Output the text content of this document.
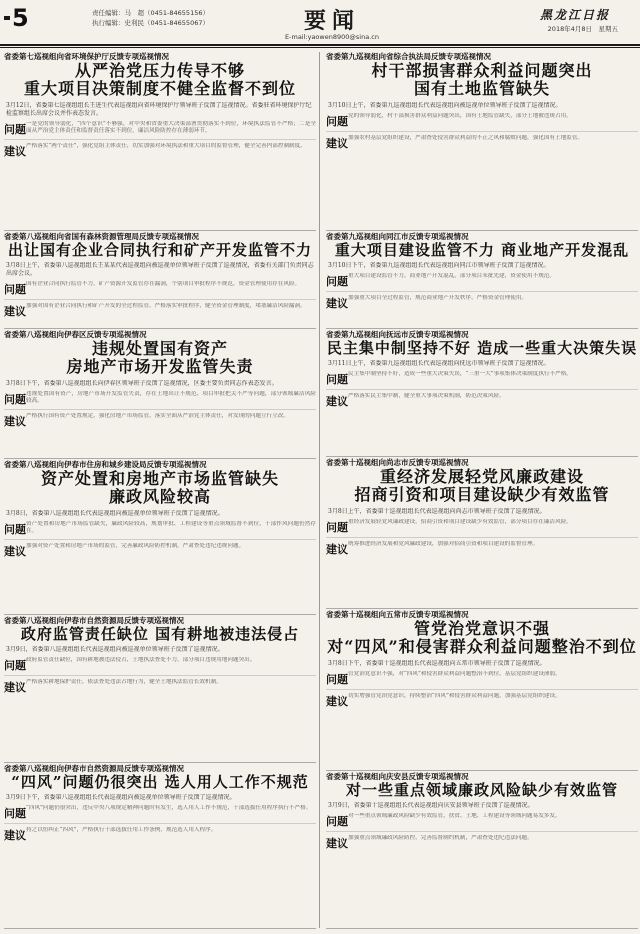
5	责任编辑：马　超（0451-84655156）
执行编辑：史利民（0451-84655067）	要闻
E-mail:yaowen8900@sina.cn
黑龙江日报
2018年4月8日　星期五
省委第七巡视组向省环境保护厅反馈专项巡视情况
从严治党压力传导不够
重大项目决策制度不健全监督不到位
3月12日，省委第七巡视组组长王进生代表巡视组向省环境保护厅领导班子反馈了巡视情况。省委驻省环境保护厅纪检监察组长出席会议并作表态发言。
问题 一是党的领导弱化，“四个意识”不够强，对中央和省委重大决策部署贯彻落实不到位，环境执法监管不严格；二是全面从严治党主体责任和监督责任落实不到位，廉洁风险防控存在薄弱环节。
建议 严格落实“两个责任”，强化党组主体责任，切实加强对环境执法和重大项目的监督管理，健全完善内部控制制度。
省委第八巡视组向省国有森林资源管理局反馈专项巡视情况
出让国有企业合同执行和矿产开发监管不力
3月8日上午，省委第八巡视组组长王某某代表巡视组向被巡视单位领导班子反馈了巡视情况，省委有关部门负责同志出席会议。
问题 国有企业合同执行监管不力，矿产资源开发监管存在漏洞，个别项目审批程序不规范，资金管理使用存在风险。
建议 加强对国有企业合同执行和矿产开发的全过程监管，严格落实审批程序，健全资金管理制度，堵塞廉洁风险漏洞。
省委第八巡视组向伊春区反馈专项巡视情况
违规处置国有资产
房地产市场开发监管失责
3月8日下午，省委第八巡视组组长向伊春区领导班子反馈了巡视情况，区委主要负责同志作表态发言。
问题 违规处置国有资产，房地产市场开发监管失责，存在土地出让不规范、项目审批把关不严等问题，部分领域廉洁风险较高。
建议 严格执行国有资产处置规定，强化房地产市场监管，落实全面从严治党主体责任，对发现的问题立行立改。
省委第八巡视组向伊春市住房和城乡建设局反馈专项巡视情况
资产处置和房地产市场监管缺失
廉政风险较高
3月8日，省委第八巡视组组长代表巡视组向被巡视单位领导班子反馈了巡视情况。
问题 资产处置和房地产市场监管缺失，廉政风险较高，规划审批、工程建设等重点领域监督不到位，干部作风问题仍然存在。
建议 加强对资产处置和房地产市场的监管，完善廉政风险防控机制，严肃查处违纪违规问题。
省委第八巡视组向伊春市自然资源局反馈专项巡视情况
政府监管责任缺位 国有耕地被违法侵占
3月9日，省委第八巡视组组长代表巡视组向被巡视单位领导班子反馈了巡视情况。
问题 政府监管责任缺位，国有耕地被违法侵占，土地执法查处不力，部分项目违规用地问题突出。
建议 严格落实耕地保护责任，依法查处违法占地行为，健全土地执法监管长效机制。
省委第八巡视组向伊春市自然资源局反馈专项巡视情况
“四风”问题仍很突出 选人用人工作不规范
3月9日下午，省委第八巡视组组长代表巡视组向被巡视单位领导班子反馈了巡视情况。
问题 “四风”问题仍很突出，违反中央八项规定精神问题时有发生，选人用人工作不规范，干部选拔任用程序执行不严格。
建议 持之以恒纠正“四风”，严格执行干部选拔任用工作条例，规范选人用人程序。
省委第九巡视组向省综合执法局反馈专项巡视情况
村干部损害群众利益问题突出
国有土地监管缺失
3月10日上午，省委第九巡视组组长代表巡视组向被巡视单位领导班子反馈了巡视情况。
问题 党的领导弱化，村干部损害群众利益问题突出，国有土地监管缺失，部分土地被违规占用。
建议 加强农村基层党组织建设，严肃查处侵害群众利益的不正之风和腐败问题，强化国有土地监管。
省委第九巡视组向同江市反馈专项巡视情况
重大项目建设监管不力 商业地产开发混乱
3月10日下午，省委第九巡视组组长代表巡视组向同江市领导班子反馈了巡视情况。
问题 重大项目建设监管不力，商业地产开发混乱，部分项目未批先建，资金使用不规范。
建议 加强重大项目全过程监管，规范商业地产开发秩序，严格资金管理使用。
省委第九巡视组向抚远市反馈专项巡视情况
民主集中制坚持不好 造成一些重大决策失误
3月11日上午，省委第九巡视组组长代表巡视组向抚远市领导班子反馈了巡视情况。
问题 民主集中制坚持不好，造成一些重大决策失误，“三重一大”事项集体决策制度执行不严格。
建议 严格落实民主集中制，健全重大事项决策机制，防范决策风险。
省委第十巡视组向尚志市反馈专项巡视情况
重经济发展轻党风廉政建设
招商引资和项目建设缺少有效监管
3月8日上午，省委第十巡视组组长代表巡视组向尚志市领导班子反馈了巡视情况。
问题 重经济发展轻党风廉政建设，招商引资和项目建设缺少有效监管，部分项目存在廉洁风险。
建议 统筹推进经济发展和党风廉政建设，加强对招商引资和项目建设的监督管理。
省委第十巡视组向五常市反馈专项巡视情况
管党治党意识不强
对“四风”和侵害群众利益问题整治不到位
3月8日下午，省委第十巡视组组长代表巡视组向五常市领导班子反馈了巡视情况。
问题 管党治党意识不强，对“四风”和侵害群众利益问题整治不到位，基层党组织建设薄弱。
建议 切实增强管党治党意识，持续整治“四风”和侵害群众利益问题，加强基层党组织建设。
省委第十巡视组向庆安县反馈专项巡视情况
对一些重点领域廉政风险缺少有效监管
3月9日，省委第十巡视组组长代表巡视组向庆安县领导班子反馈了巡视情况。
问题 对一些重点领域廉政风险缺少有效监管，扶贫、土地、工程建设等领域问题易发多发。
建议 加强重点领域廉政风险防控，完善监督制约机制，严肃查处违纪违法问题。
